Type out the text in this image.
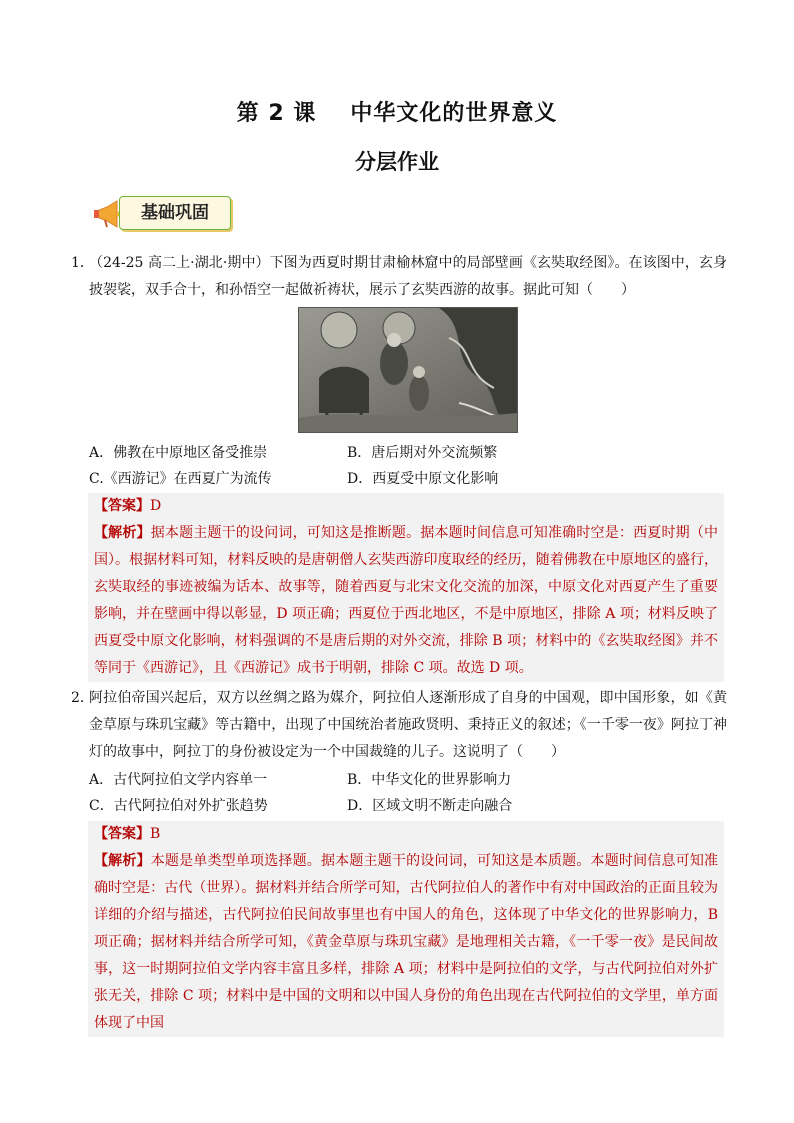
第 2 课 中华文化的世界意义
分层作业
基础巩固
1．
（24-25 高二上·湖北·期中）下图为西夏时期甘肃榆林窟中的局部壁画《玄奘取经图》。在该图中，玄身披袈裟，双手合十，和孙悟空一起做祈祷状，展示了玄奘西游的故事。据此可知（　　）
A．佛教在中原地区备受推崇	B．唐后期对外交流频繁
C.《西游记》在西夏广为流传	D．西夏受中原文化影响
【答案】D
【解析】据本题主题干的设问词，可知这是推断题。据本题时间信息可知准确时空是：西夏时期（中国）。根据材料可知，材料反映的是唐朝僧人玄奘西游印度取经的经历，随着佛教在中原地区的盛行，玄奘取经的事迹被编为话本、故事等，随着西夏与北宋文化交流的加深，中原文化对西夏产生了重要影响，并在壁画中得以彰显，D 项正确；西夏位于西北地区，不是中原地区，排除 A 项；材料反映了西夏受中原文化影响，材料强调的不是唐后期的对外交流，排除 B 项；材料中的《玄奘取经图》并不等同于《西游记》，且《西游记》成书于明朝，排除 C 项。故选 D 项。
2．
阿拉伯帝国兴起后，双方以丝绸之路为媒介，阿拉伯人逐渐形成了自身的中国观，即中国形象，如《黄金草原与珠玑宝藏》等古籍中，出现了中国统治者施政贤明、秉持正义的叙述；《一千零一夜》阿拉丁神灯的故事中，阿拉丁的身份被设定为一个中国裁缝的儿子。这说明了（　　）
A．古代阿拉伯文学内容单一	B．中华文化的世界影响力
C．古代阿拉伯对外扩张趋势	D．区域文明不断走向融合
【答案】B
【解析】本题是单类型单项选择题。据本题主题干的设问词，可知这是本质题。本题时间信息可知准确时空是：古代（世界）。据材料并结合所学可知，古代阿拉伯人的著作中有对中国政治的正面且较为详细的介绍与描述，古代阿拉伯民间故事里也有中国人的角色，这体现了中华文化的世界影响力，B 项正确；据材料并结合所学可知，《黄金草原与珠玑宝藏》是地理相关古籍，《一千零一夜》是民间故事，这一时期阿拉伯文学内容丰富且多样，排除 A 项；材料中是阿拉伯的文学，与古代阿拉伯对外扩张无关，排除 C 项；材料中是中国的文明和以中国人身份的角色出现在古代阿拉伯的文学里，单方面体现了中国
